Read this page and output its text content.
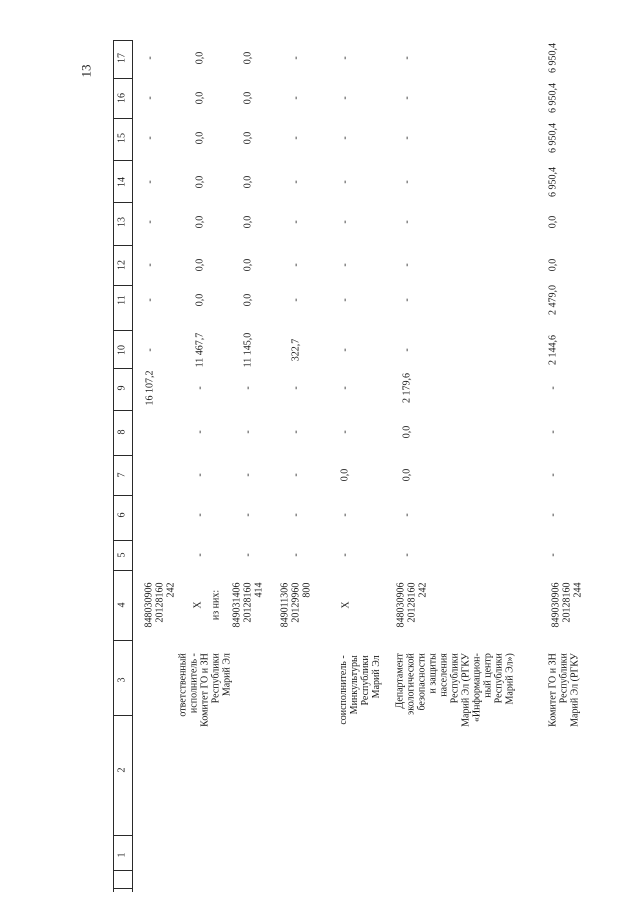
13
1
2
3
4
5
6
7
8
9
10
11
12
13
14
15
16
17
848030906
20128160
242
16 107,2
-
-
-
-
-
-
-
-
ответственный
исполнитель -
Комитет ГО и ЗН
Республики
Марий Эл
X из них:
-
-
-
-
-
11 467,7
0,0
0,0
0,0
0,0
0,0
0,0
0,0
849031406
20128160
414
-
-
-
-
-
11 145,0
0,0
0,0
0,0
0,0
0,0
0,0
0,0
849011306
20129960
800
-
-
-
-
-
322,7
-
-
-
-
-
-
-
соисполнитель -
Минкультуры
Республики
Марий Эл
X
-
-
0,0
-
-
-
-
-
-
-
-
-
-
Департамент
экологической
безопасности
и защиты
населения
Республики
Марий Эл (РГКУ
«Информацион-
ный центр
Республики
Марий Эл»)
848030906
20128160
242
-
-
0,0
0,0
2 179,6
-
-
-
-
-
-
-
-
Комитет ГО и ЗН
Республики
Марий Эл (РГКУ
849030906
20128160
244
-
-
-
-
-
2 144,6
2 479,0
0,0
0,0
6 950,4
6 950,4
6 950,4
6 950,4
